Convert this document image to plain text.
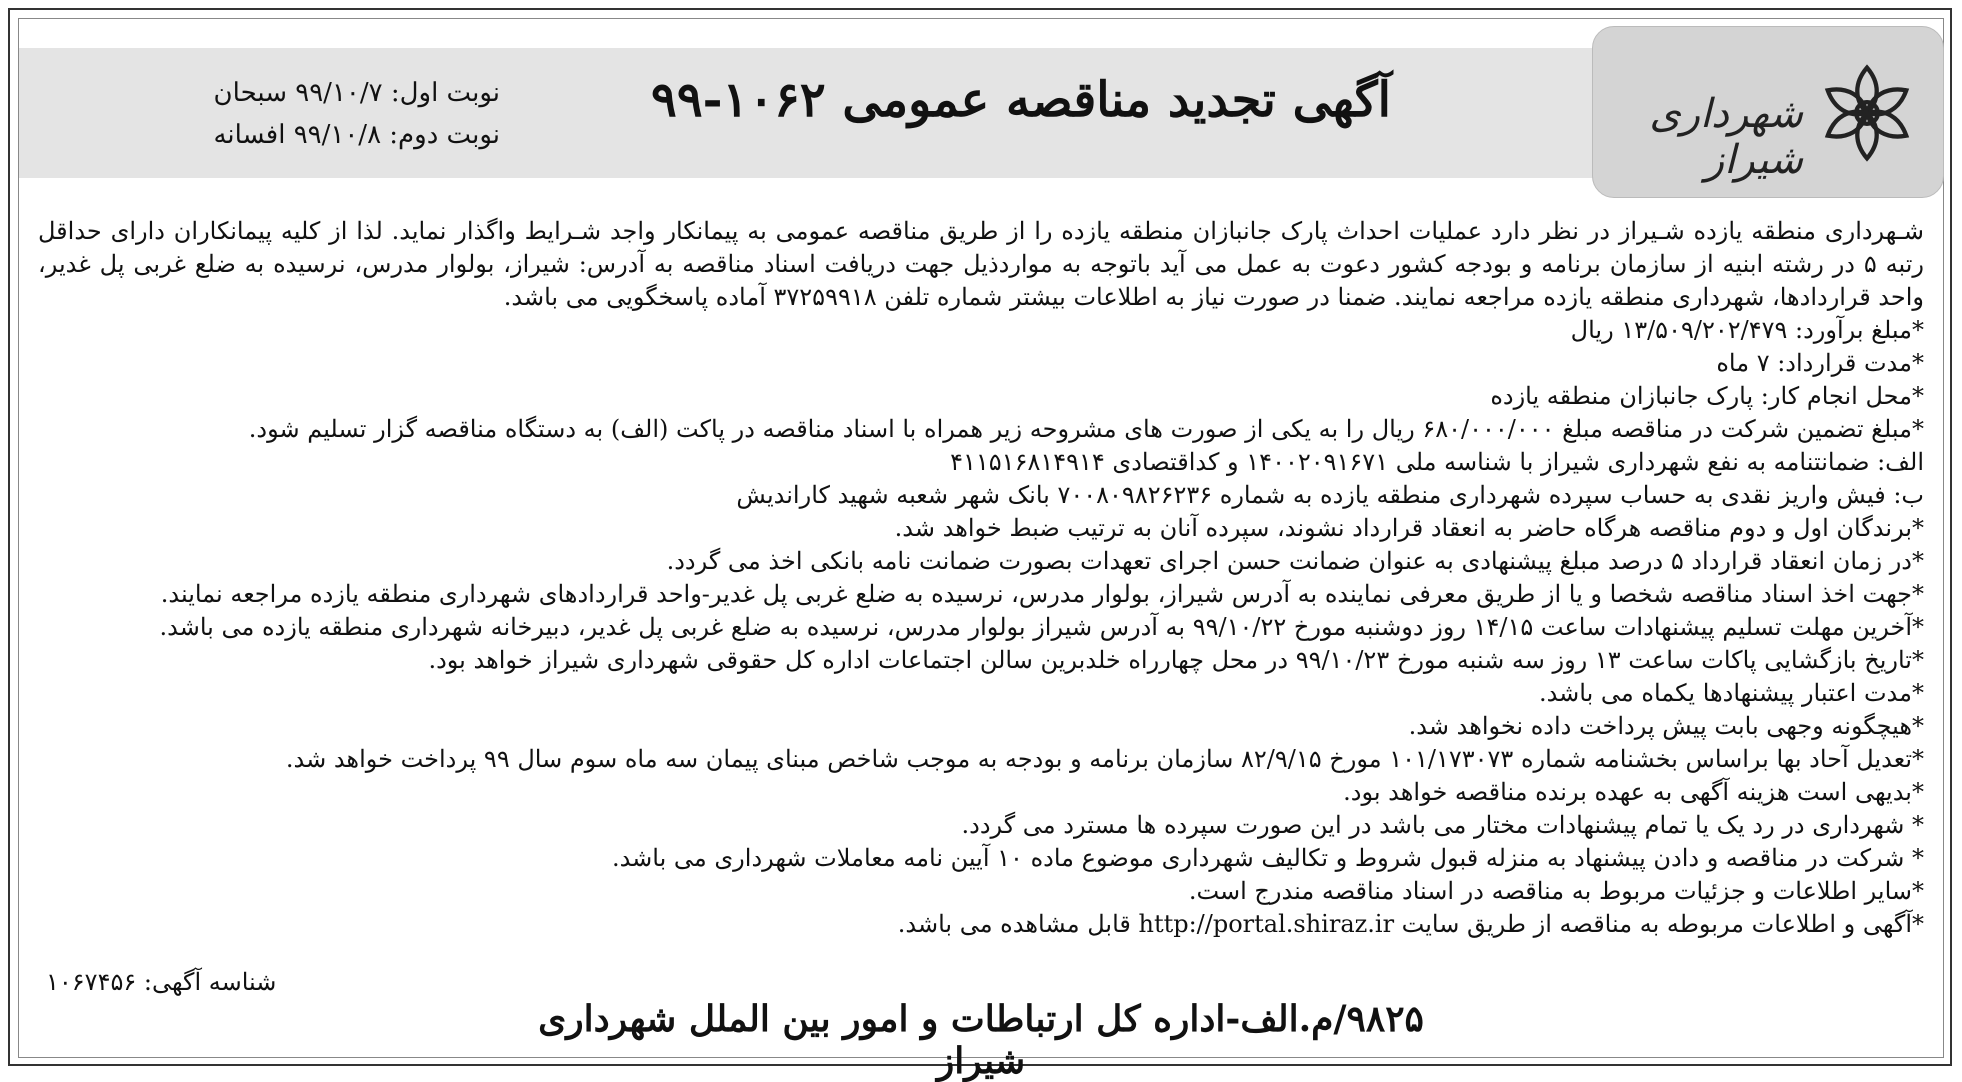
شهرداری شیراز
آگهی تجدید مناقصه عمومی ۱۰۶۲-۹۹
نوبت اول: ۹۹/۱۰/۷ سبحان
نوبت دوم: ۹۹/۱۰/۸ افسانه

شـهرداری منطقه یازده شـیراز در نظر دارد عملیات احداث پارک جانبازان منطقه یازده را از طریق مناقصه عمومی به پیمانکار واجد شـرایط واگذار نماید. لذا از کلیه پیمانکاران دارای حداقل رتبه ۵ در رشته ابنیه از سازمان برنامه و بودجه کشور دعوت به عمل می آید باتوجه به مواردذیل جهت دریافت اسناد مناقصه به آدرس: شیراز، بولوار مدرس، نرسیده به ضلع غربی پل غدیر، واحد قراردادها، شهرداری منطقه یازده مراجعه نمایند. ضمنا در صورت نیاز به اطلاعات بیشتر شماره تلفن ۳۷۲۵۹۹۱۸ آماده پاسخگویی می باشد.

*مبلغ برآورد: ۱۳/۵۰۹/۲۰۲/۴۷۹ ریال

*مدت قرارداد: ۷ ماه

*محل انجام کار: پارک جانبازان منطقه یازده

*مبلغ تضمین شرکت در مناقصه مبلغ ۶۸۰/۰۰۰/۰۰۰ ریال را به یکی از صورت های مشروحه زیر همراه با اسناد مناقصه در پاکت (الف) به دستگاه مناقصه گزار تسلیم شود.

الف: ضمانتنامه به نفع شهرداری شیراز با شناسه ملی ۱۴۰۰۲۰۹۱۶۷۱ و کداقتصادی ۴۱۱۵۱۶۸۱۴۹۱۴

ب: فیش واریز نقدی به حساب سپرده شهرداری منطقه یازده به شماره ۷۰۰۸۰۹۸۲۶۲۳۶ بانک شهر شعبه شهید کارانديش

*برندگان اول و دوم مناقصه هرگاه حاضر به انعقاد قرارداد نشوند، سپرده آنان به ترتیب ضبط خواهد شد.

*در زمان انعقاد قرارداد ۵ درصد مبلغ پیشنهادی به عنوان ضمانت حسن اجرای تعهدات بصورت ضمانت نامه بانکی اخذ می گردد.

*جهت اخذ اسناد مناقصه شخصا و یا از طریق معرفی نماینده به آدرس شیراز، بولوار مدرس، نرسیده به ضلع غربی پل غدیر-واحد قراردادهای شهرداری منطقه یازده مراجعه نمایند.

*آخرین مهلت تسلیم پیشنهادات ساعت ۱۴/۱۵ روز دوشنبه مورخ ۹۹/۱۰/۲۲ به آدرس شیراز بولوار مدرس، نرسیده به ضلع غربی پل غدیر، دبیرخانه شهرداری منطقه یازده می باشد.

*تاریخ بازگشایی پاکات ساعت ۱۳ روز سه شنبه مورخ ۹۹/۱۰/۲۳ در محل چهارراه خلدبرین سالن اجتماعات اداره کل حقوقی شهرداری شیراز خواهد بود.

*مدت اعتبار پیشنهادها یکماه می باشد.

*هیچگونه وجهی بابت پیش پرداخت داده نخواهد شد.

*تعدیل آحاد بها براساس بخشنامه شماره ۱۰۱/۱۷۳۰۷۳ مورخ ۸۲/۹/۱۵ سازمان برنامه و بودجه به موجب شاخص مبنای پیمان سه ماه سوم سال ۹۹ پرداخت خواهد شد.

*بدیهی است هزینه آگهی به عهده برنده مناقصه خواهد بود.

* شهرداری در رد یک یا تمام پیشنهادات مختار می باشد در این صورت سپرده ها مسترد می گردد.

* شرکت در مناقصه و دادن پیشنهاد به منزله قبول شروط و تکالیف شهرداری موضوع ماده ۱۰ آیین نامه معاملات شهرداری می باشد.

*سایر اطلاعات و جزئیات مربوط به مناقصه در اسناد مناقصه مندرج است.

*آگهی و اطلاعات مربوطه به مناقصه از طریق سایت http://portal.shiraz.ir قابل مشاهده می باشد.

شناسه آگهی: ۱۰۶۷۴۵۶
۹۸۲۵/م.الف-اداره کل ارتباطات و امور بین الملل شهرداری شیراز
